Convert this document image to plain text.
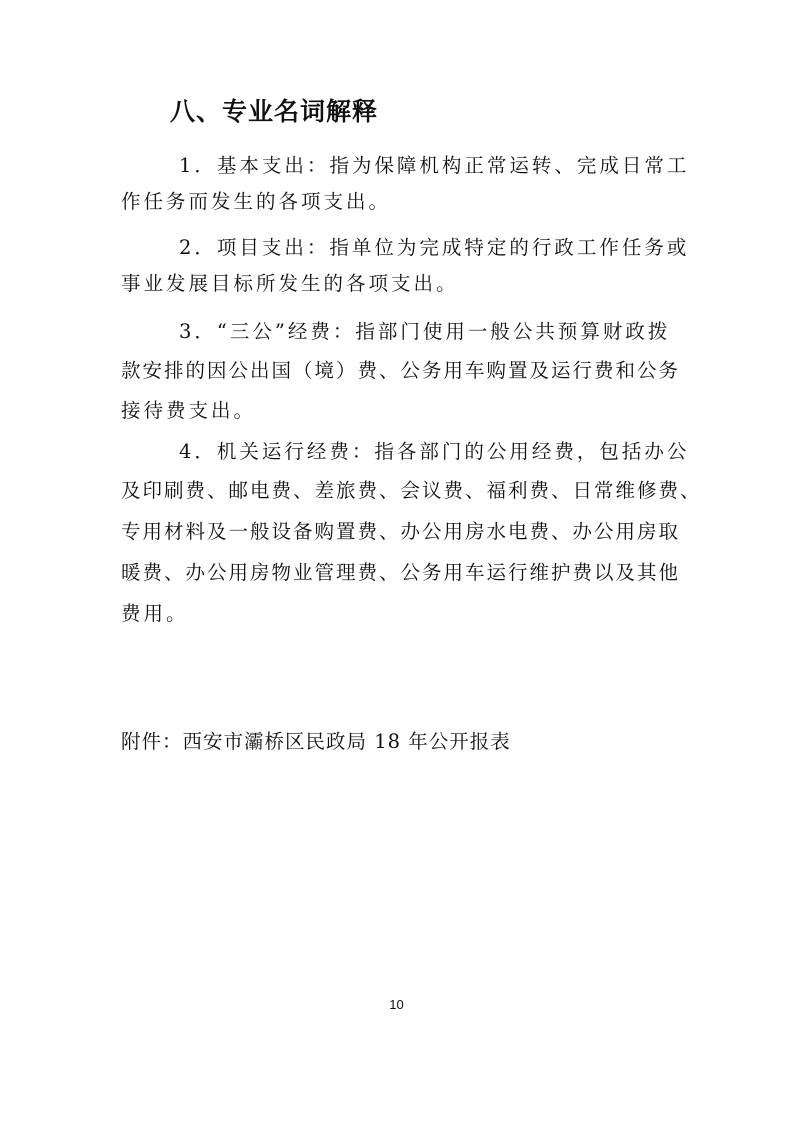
八、专业名词解释
1．基本支出：指为保障机构正常运转、完成日常工
作任务而发生的各项支出。
2．项目支出：指单位为完成特定的行政工作任务或
事业发展目标所发生的各项支出。
3．“三公”经费：指部门使用一般公共预算财政拨
款安排的因公出国（境）费、公务用车购置及运行费和公务
接待费支出。
4．机关运行经费：指各部门的公用经费，包括办公
及印刷费、邮电费、差旅费、会议费、福利费、日常维修费、
专用材料及一般设备购置费、办公用房水电费、办公用房取
暖费、办公用房物业管理费、公务用车运行维护费以及其他
费用。
附件：西安市灞桥区民政局 18 年公开报表
10
